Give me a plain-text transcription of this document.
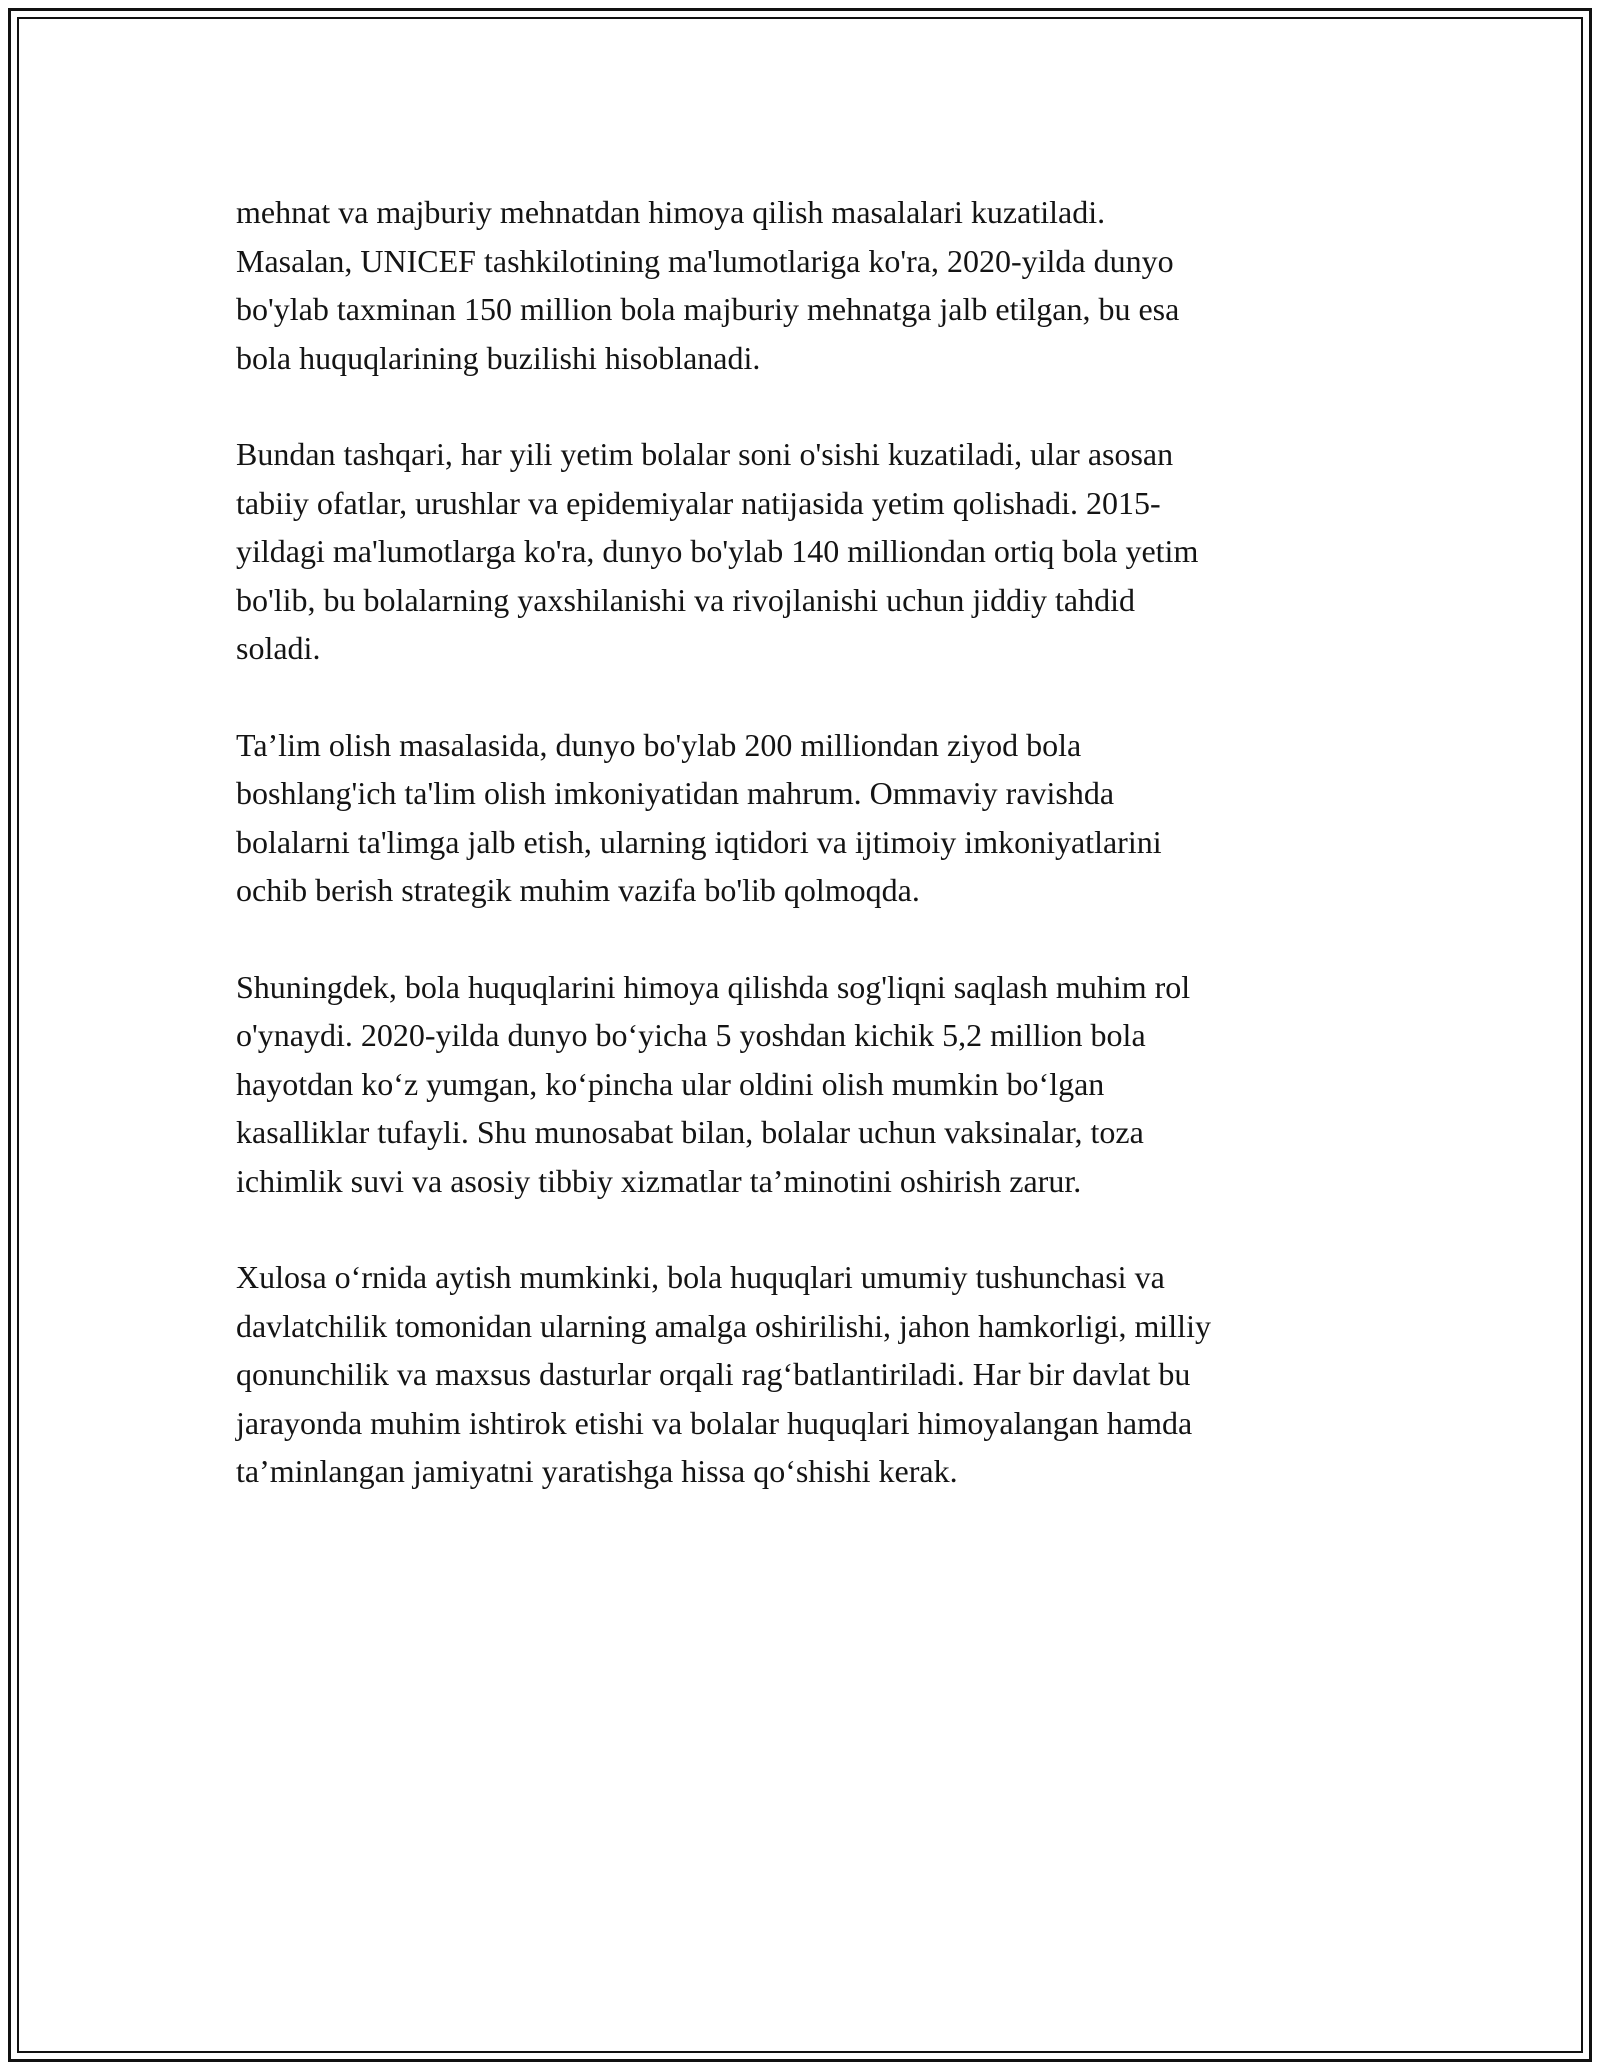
mehnat va majburiy mehnatdan himoya qilish masalalari kuzatiladi.
Masalan, UNICEF tashkilotining ma'lumotlariga ko'ra, 2020-yilda dunyo
bo'ylab taxminan 150 million bola majburiy mehnatga jalb etilgan, bu esa
bola huquqlarining buzilishi hisoblanadi.

Bundan tashqari, har yili yetim bolalar soni o'sishi kuzatiladi, ular asosan
tabiiy ofatlar, urushlar va epidemiyalar natijasida yetim qolishadi. 2015-
yildagi ma'lumotlarga ko'ra, dunyo bo'ylab 140 milliondan ortiq bola yetim
bo'lib, bu bolalarning yaxshilanishi va rivojlanishi uchun jiddiy tahdid
soladi.

Ta’lim olish masalasida, dunyo bo'ylab 200 milliondan ziyod bola
boshlang'ich ta'lim olish imkoniyatidan mahrum. Ommaviy ravishda
bolalarni ta'limga jalb etish, ularning iqtidori va ijtimoiy imkoniyatlarini
ochib berish strategik muhim vazifa bo'lib qolmoqda.

Shuningdek, bola huquqlarini himoya qilishda sog'liqni saqlash muhim rol
o'ynaydi. 2020-yilda dunyo bo‘yicha 5 yoshdan kichik 5,2 million bola
hayotdan ko‘z yumgan, ko‘pincha ular oldini olish mumkin bo‘lgan
kasalliklar tufayli. Shu munosabat bilan, bolalar uchun vaksinalar, toza
ichimlik suvi va asosiy tibbiy xizmatlar ta’minotini oshirish zarur.

Xulosa o‘rnida aytish mumkinki, bola huquqlari umumiy tushunchasi va
davlatchilik tomonidan ularning amalga oshirilishi, jahon hamkorligi, milliy
qonunchilik va maxsus dasturlar orqali rag‘batlantiriladi. Har bir davlat bu
jarayonda muhim ishtirok etishi va bolalar huquqlari himoyalangan hamda
ta’minlangan jamiyatni yaratishga hissa qo‘shishi kerak.
